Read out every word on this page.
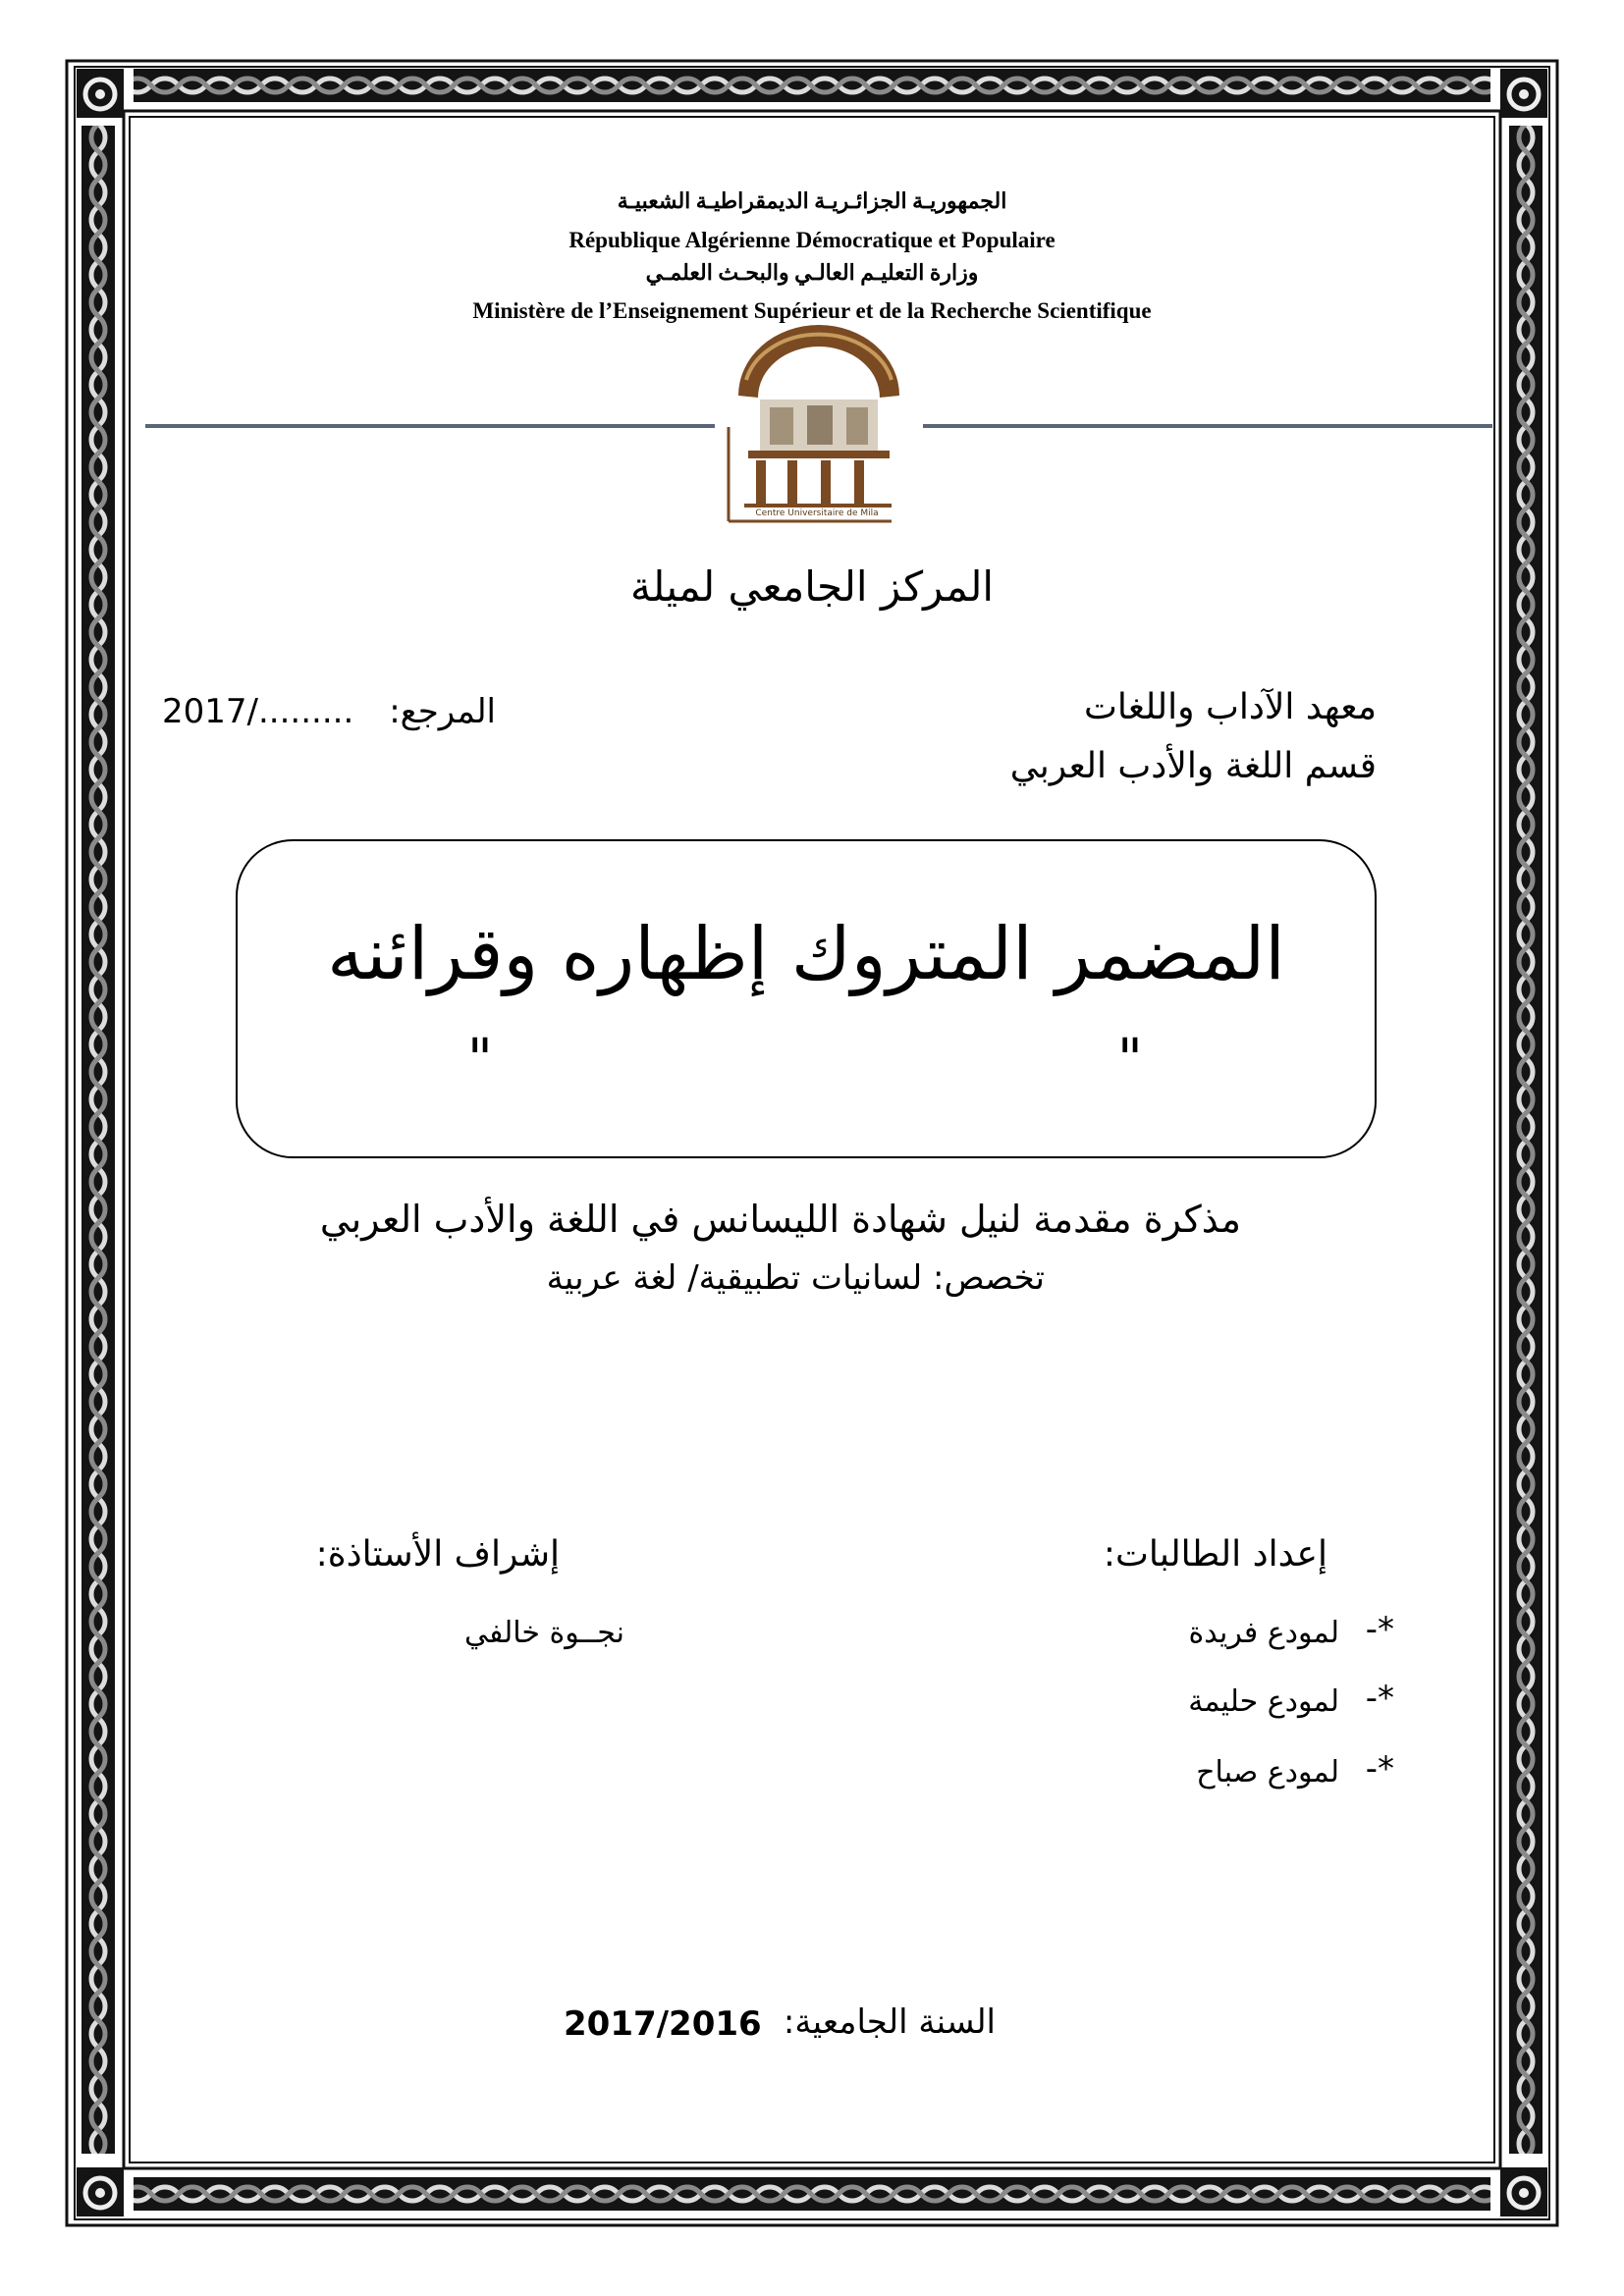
الجمهوريـة الجزائـريـة الديمقراطيـة الشعبيـة
République Algérienne Démocratique et Populaire
وزارة التعليـم العالـي والبحـث العلمـي
Ministère de l’Enseignement Supérieur et de la Recherche Scientifique
Centre Universitaire de Mila
المركز الجامعي لميلة
معهد الآداب واللغات
قسم اللغة والأدب العربي
المرجع:
2017/.........
المضمر المتروك إظهاره وقرائنه
"
"
مذكرة مقدمة لنيل شهادة الليسانس في اللغة والأدب العربي
تخصص: لسانيات تطبيقية/ لغة عربية
إعداد الطالبات:
*-
لمودع فريدة
*-
لمودع حليمة
*-
لمودع صباح
إشراف الأستاذة:
نجــوة خالفي
السنة الجامعية:
2017/2016
